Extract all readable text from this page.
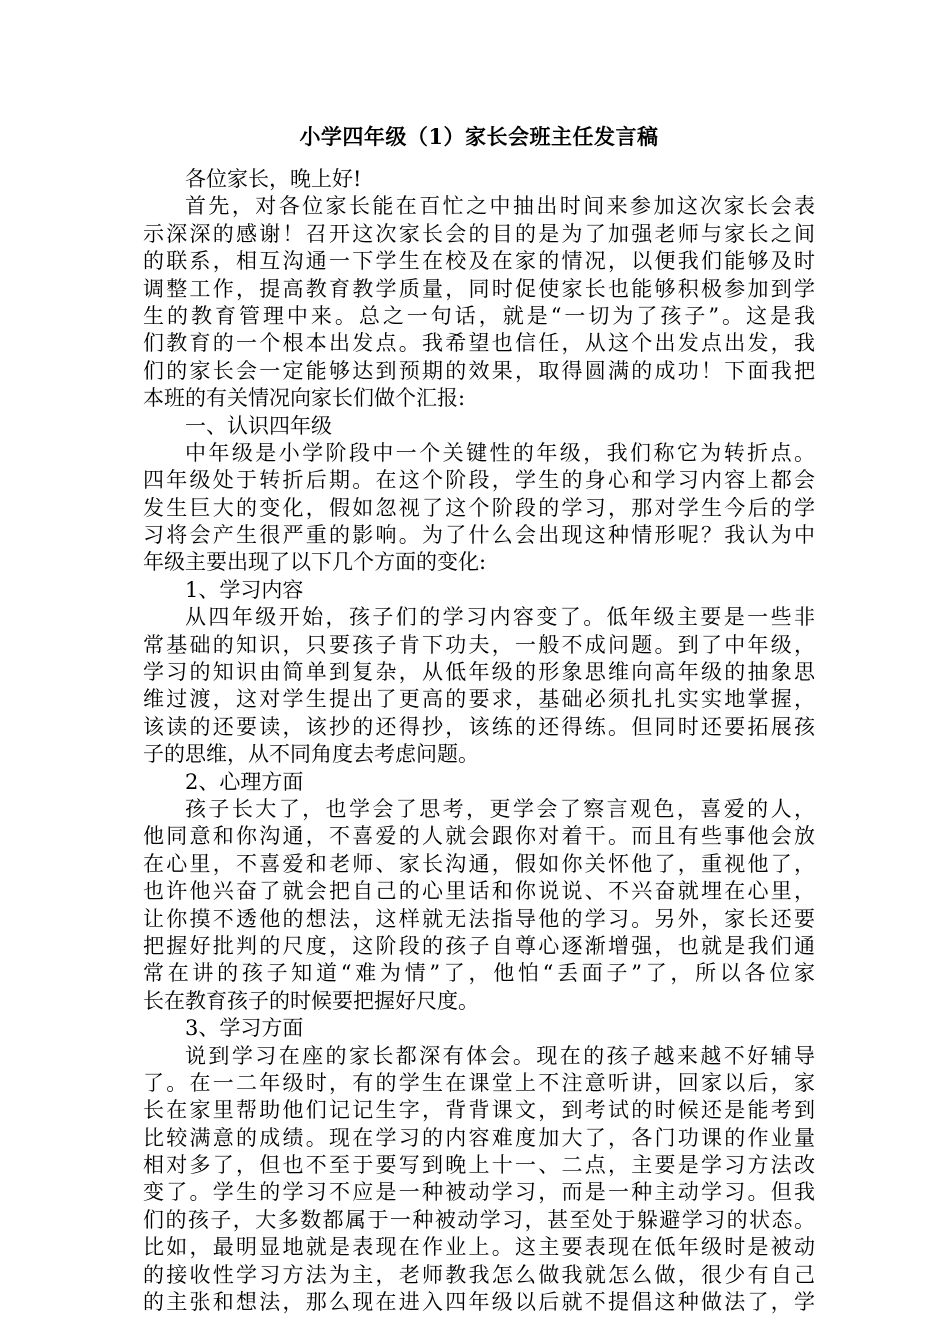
小学四年级（1）家长会班主任发言稿
各位家长，晚上好!
首先，对各位家长能在百忙之中抽出时间来参加这次家长会表
示深深的感谢！召开这次家长会的目的是为了加强老师与家长之间
的联系，相互沟通一下学生在校及在家的情况，以便我们能够及时
调整工作，提高教育教学质量，同时促使家长也能够积极参加到学
生的教育管理中来。总之一句话，就是“一切为了孩子”。这是我
们教育的一个根本出发点。我希望也信任，从这个出发点出发，我
们的家长会一定能够达到预期的效果，取得圆满的成功！下面我把
本班的有关情况向家长们做个汇报:
一、认识四年级
中年级是小学阶段中一个关键性的年级，我们称它为转折点。
四年级处于转折后期。在这个阶段，学生的身心和学习内容上都会
发生巨大的变化，假如忽视了这个阶段的学习，那对学生今后的学
习将会产生很严重的影响。为了什么会出现这种情形呢？我认为中
年级主要出现了以下几个方面的变化:
1、学习内容
从四年级开始，孩子们的学习内容变了。低年级主要是一些非
常基础的知识，只要孩子肯下功夫，一般不成问题。到了中年级，
学习的知识由简单到复杂，从低年级的形象思维向高年级的抽象思
维过渡，这对学生提出了更高的要求，基础必须扎扎实实地掌握，
该读的还要读，该抄的还得抄，该练的还得练。但同时还要拓展孩
子的思维，从不同角度去考虑问题。
2、心理方面
孩子长大了，也学会了思考，更学会了察言观色，喜爱的人，
他同意和你沟通，不喜爱的人就会跟你对着干。而且有些事他会放
在心里，不喜爱和老师、家长沟通，假如你关怀他了，重视他了，
也许他兴奋了就会把自己的心里话和你说说、不兴奋就埋在心里，
让你摸不透他的想法，这样就无法指导他的学习。另外，家长还要
把握好批判的尺度，这阶段的孩子自尊心逐渐增强，也就是我们通
常在讲的孩子知道“难为情”了，他怕“丢面子”了，所以各位家
长在教育孩子的时候要把握好尺度。
3、学习方面
说到学习在座的家长都深有体会。现在的孩子越来越不好辅导
了。在一二年级时，有的学生在课堂上不注意听讲，回家以后，家
长在家里帮助他们记记生字，背背课文，到考试的时候还是能考到
比较满意的成绩。现在学习的内容难度加大了，各门功课的作业量
相对多了，但也不至于要写到晚上十一、二点，主要是学习方法改
变了。学生的学习不应是一种被动学习，而是一种主动学习。但我
们的孩子，大多数都属于一种被动学习，甚至处于躲避学习的状态。
比如，最明显地就是表现在作业上。这主要表现在低年级时是被动
的接收性学习方法为主，老师教我怎么做我就怎么做，很少有自己
的主张和想法，那么现在进入四年级以后就不提倡这种做法了，学
